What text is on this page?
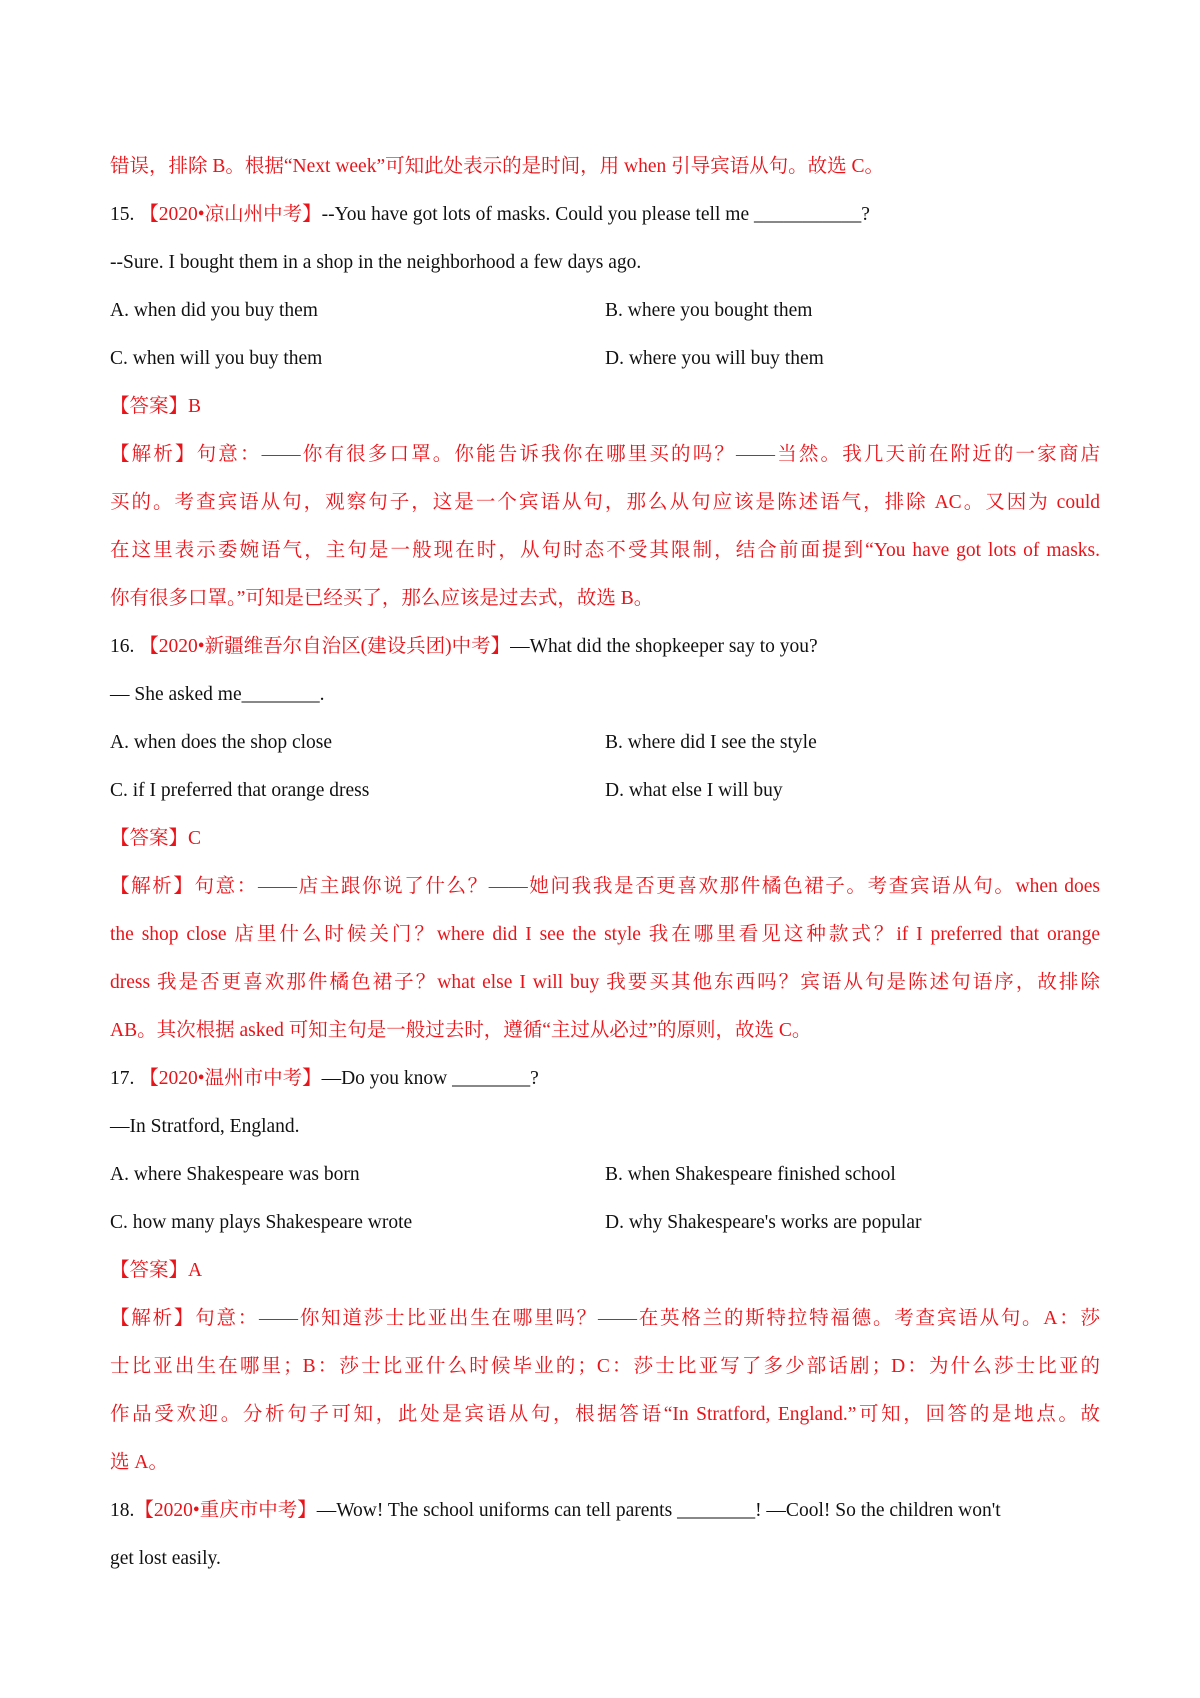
错误，排除 B。根据“Next week”可知此处表示的是时间，用 when 引导宾语从句。故选 C。
15. 【2020•凉山州中考】--You have got lots of masks. Could you please tell me ___________?
--Sure. I bought them in a shop in the neighborhood a few days ago.
A. when did you buy them	B. where you bought them
C. when will you buy them	D. where you will buy them
【答案】B
【解析】句意：——你有很多口罩。你能告诉我你在哪里买的吗？——当然。我几天前在附近的一家商店
买的。考查宾语从句，观察句子，这是一个宾语从句，那么从句应该是陈述语气，排除 AC。又因为 could
在这里表示委婉语气，主句是一般现在时，从句时态不受其限制，结合前面提到“You have got lots of masks.
你有很多口罩。”可知是已经买了，那么应该是过去式，故选 B。
16. 【2020•新疆维吾尔自治区(建设兵团)中考】—What did the shopkeeper say to you?
— She asked me________.
A. when does the shop close	B. where did I see the style
C. if I preferred that orange dress	D. what else I will buy
【答案】C
【解析】句意：——店主跟你说了什么？——她问我我是否更喜欢那件橘色裙子。考查宾语从句。when does
the shop close 店里什么时候关门？where did I see the style 我在哪里看见这种款式？if I preferred that orange
dress 我是否更喜欢那件橘色裙子？what else I will buy 我要买其他东西吗？宾语从句是陈述句语序，故排除
AB。其次根据 asked 可知主句是一般过去时，遵循“主过从必过”的原则，故选 C。
17. 【2020•温州市中考】—Do you know ________?
—In Stratford, England.
A. where Shakespeare was born	B. when Shakespeare finished school
C. how many plays Shakespeare wrote	D. why Shakespeare's works are popular
【答案】A
【解析】句意：——你知道莎士比亚出生在哪里吗？——在英格兰的斯特拉特福德。考查宾语从句。A：莎
士比亚出生在哪里；B：莎士比亚什么时候毕业的；C：莎士比亚写了多少部话剧；D：为什么莎士比亚的
作品受欢迎。分析句子可知，此处是宾语从句，根据答语“In Stratford, England.”可知，回答的是地点。故
选 A。
18.【2020•重庆市中考】—Wow! The school uniforms can tell parents ________! —Cool! So the children won't
get lost easily.
